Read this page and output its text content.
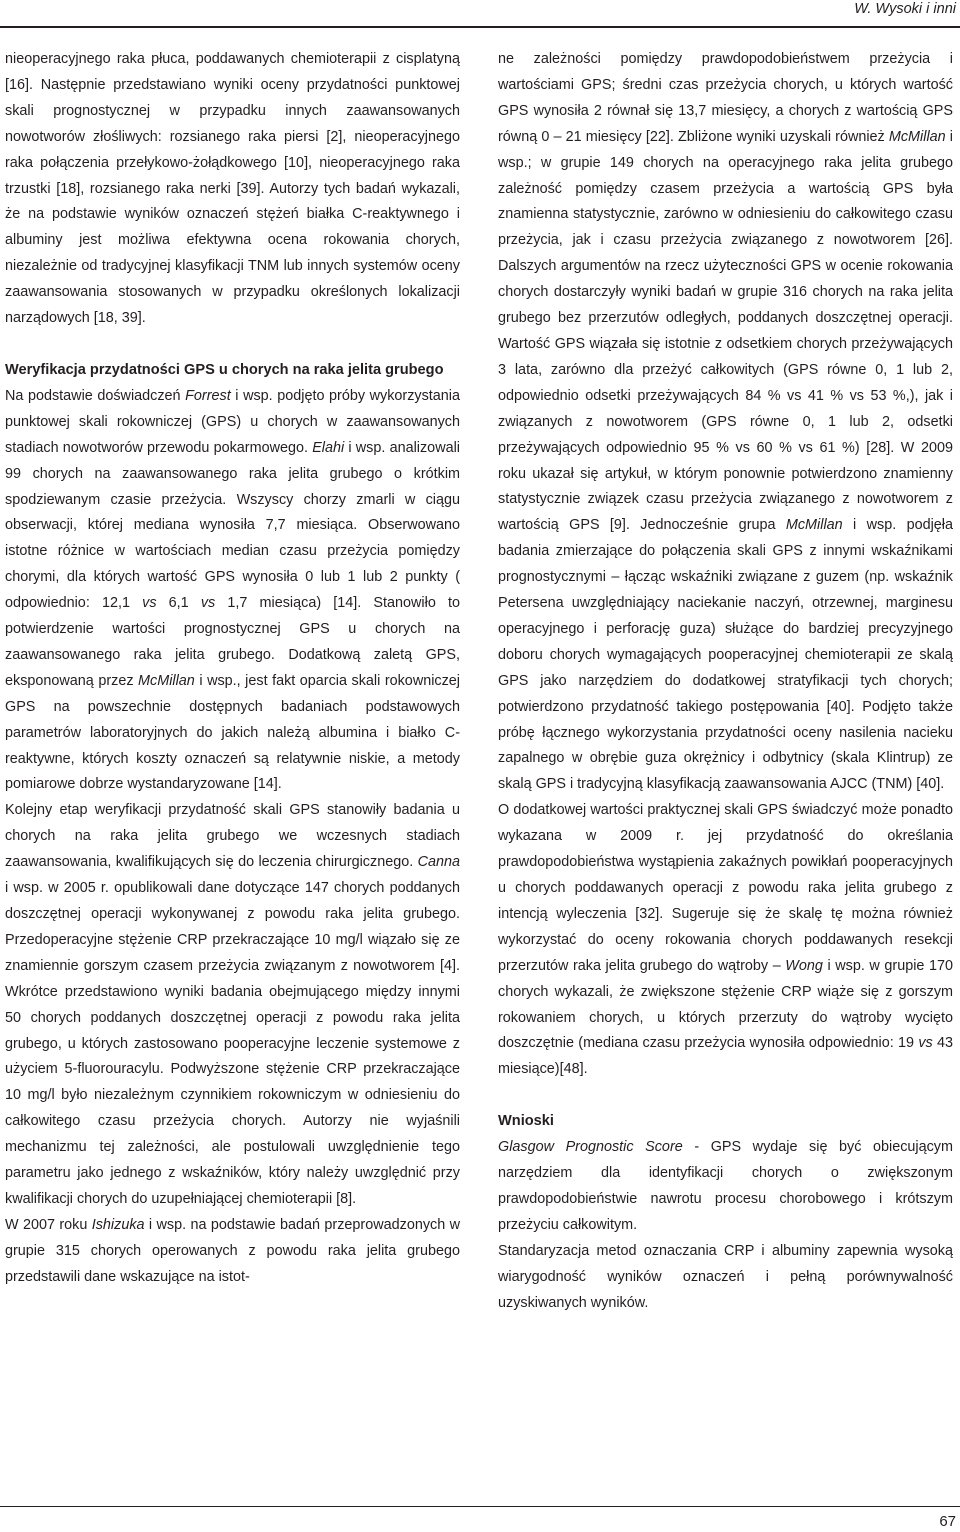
W. Wysoki i inni

nieoperacyjnego raka płuca, poddawanych chemioterapii z cisplatyną [16]. Następnie przedstawiano wyniki oceny przydatności punktowej skali prognostycznej w przypadku innych zaawansowanych nowotworów złośliwych: rozsianego raka piersi [2], nieoperacyjnego raka połączenia przełykowo-żołądkowego [10], nieoperacyjnego raka trzustki [18], rozsianego raka nerki [39]. Autorzy tych badań wykazali, że na podstawie wyników oznaczeń stężeń białka C-reaktywnego i albuminy jest możliwa efektywna ocena rokowania chorych, niezależnie od tradycyjnej klasyfikacji TNM lub innych systemów oceny zaawansowania stosowanych w przypadku określonych lokalizacji narządowych [18, 39].

Weryfikacja przydatności GPS u chorych na raka jelita grubego

Na podstawie doświadczeń Forrest i wsp. podjęto próby wykorzystania punktowej skali rokowniczej (GPS) u chorych w zaawansowanych stadiach nowotworów przewodu pokarmowego. Elahi i wsp. analizowali 99 chorych na zaawansowanego raka jelita grubego o krótkim spodziewanym czasie przeżycia. Wszyscy chorzy zmarli w ciągu obserwacji, której mediana wynosiła 7,7 miesiąca. Obserwowano istotne różnice w wartościach median czasu przeżycia pomiędzy chorymi, dla których wartość GPS wynosiła 0 lub 1 lub 2 punkty ( odpowiednio: 12,1 vs 6,1 vs 1,7 miesiąca) [14]. Stanowiło to potwierdzenie wartości prognostycznej GPS u chorych na zaawansowanego raka jelita grubego. Dodatkową zaletą GPS, eksponowaną przez McMillan i wsp., jest fakt oparcia skali rokowniczej GPS na powszechnie dostępnych badaniach podstawowych parametrów laboratoryjnych do jakich należą albumina i białko C-reaktywne, których koszty oznaczeń są relatywnie niskie, a metody pomiarowe dobrze wystandaryzowane [14].

Kolejny etap weryfikacji przydatność skali GPS stanowiły badania u chorych na raka jelita grubego we wczesnych stadiach zaawansowania, kwalifikujących się do leczenia chirurgicznego. Canna i wsp. w 2005 r. opublikowali dane dotyczące 147 chorych poddanych doszczętnej operacji wykonywanej z powodu raka jelita grubego. Przedoperacyjne stężenie CRP przekraczające 10 mg/l wiązało się ze znamiennie gorszym czasem przeżycia związanym z nowotworem [4]. Wkrótce przedstawiono wyniki badania obejmującego między innymi 50 chorych poddanych doszczętnej operacji z powodu raka jelita grubego, u których zastosowano pooperacyjne leczenie systemowe z użyciem 5-fluorouracylu. Podwyższone stężenie CRP przekraczające 10 mg/l było niezależnym czynnikiem rokowniczym w odniesieniu do całkowitego czasu przeżycia chorych. Autorzy nie wyjaśnili mechanizmu tej zależności, ale postulowali uwzględnienie tego parametru jako jednego z wskaźników, który należy uwzględnić przy kwalifikacji chorych do uzupełniającej chemioterapii [8].

W 2007 roku Ishizuka i wsp. na podstawie badań przeprowadzonych w grupie 315 chorych operowanych z powodu raka jelita grubego przedstawili dane wskazujące na istot-

ne zależności pomiędzy prawdopodobieństwem przeżycia i wartościami GPS; średni czas przeżycia chorych, u których wartość GPS wynosiła 2 równał się 13,7 miesięcy, a chorych z wartością GPS równą 0 – 21 miesięcy [22]. Zbliżone wyniki uzyskali również McMillan i wsp.; w grupie 149 chorych na operacyjnego raka jelita grubego zależność pomiędzy czasem przeżycia a wartością GPS była znamienna statystycznie, zarówno w odniesieniu do całkowitego czasu przeżycia, jak i czasu przeżycia związanego z nowotworem [26]. Dalszych argumentów na rzecz użyteczności GPS w ocenie rokowania chorych dostarczyły wyniki badań w grupie 316 chorych na raka jelita grubego bez przerzutów odległych, poddanych doszczętnej operacji. Wartość GPS wiązała się istotnie z odsetkiem chorych przeżywających 3 lata, zarówno dla przeżyć całkowitych (GPS równe 0, 1 lub 2, odpowiednio odsetki przeżywających 84 % vs 41 % vs 53 %,), jak i związanych z nowotworem (GPS równe 0, 1 lub 2, odsetki przeżywających odpowiednio 95 % vs 60 % vs 61 %) [28]. W 2009 roku ukazał się artykuł, w którym ponownie potwierdzono znamienny statystycznie związek czasu przeżycia związanego z nowotworem z wartością GPS [9]. Jednocześnie grupa McMillan i wsp. podjęła badania zmierzające do połączenia skali GPS z innymi wskaźnikami prognostycznymi – łącząc wskaźniki związane z guzem (np. wskaźnik Petersena uwzględniający naciekanie naczyń, otrzewnej, marginesu operacyjnego i perforację guza) służące do bardziej precyzyjnego doboru chorych wymagających pooperacyjnej chemioterapii ze skalą GPS jako narzędziem do dodatkowej stratyfikacji tych chorych; potwierdzono przydatność takiego postępowania [40]. Podjęto także próbę łącznego wykorzystania przydatności oceny nasilenia nacieku zapalnego w obrębie guza okrężnicy i odbytnicy (skala Klintrup) ze skalą GPS i tradycyjną klasyfikacją zaawansowania AJCC (TNM) [40].

O dodatkowej wartości praktycznej skali GPS świadczyć może ponadto wykazana w 2009 r. jej przydatność do określania prawdopodobieństwa wystąpienia zakaźnych powikłań pooperacyjnych u chorych poddawanych operacji z powodu raka jelita grubego z intencją wyleczenia [32]. Sugeruje się że skalę tę można również wykorzystać do oceny rokowania chorych poddawanych resekcji przerzutów raka jelita grubego do wątroby – Wong i wsp. w grupie 170 chorych wykazali, że zwiększone stężenie CRP wiąże się z gorszym rokowaniem chorych, u których przerzuty do wątroby wycięto doszczętnie (mediana czasu przeżycia wynosiła odpowiednio: 19 vs 43 miesiące)[48].

Wnioski

Glasgow Prognostic Score - GPS wydaje się być obiecującym narzędziem dla identyfikacji chorych o zwiększonym prawdopodobieństwie nawrotu procesu chorobowego i krótszym przeżyciu całkowitym.

Standaryzacja metod oznaczania CRP i albuminy zapewnia wysoką wiarygodność wyników oznaczeń i pełną porównywalność uzyskiwanych wyników.

67
